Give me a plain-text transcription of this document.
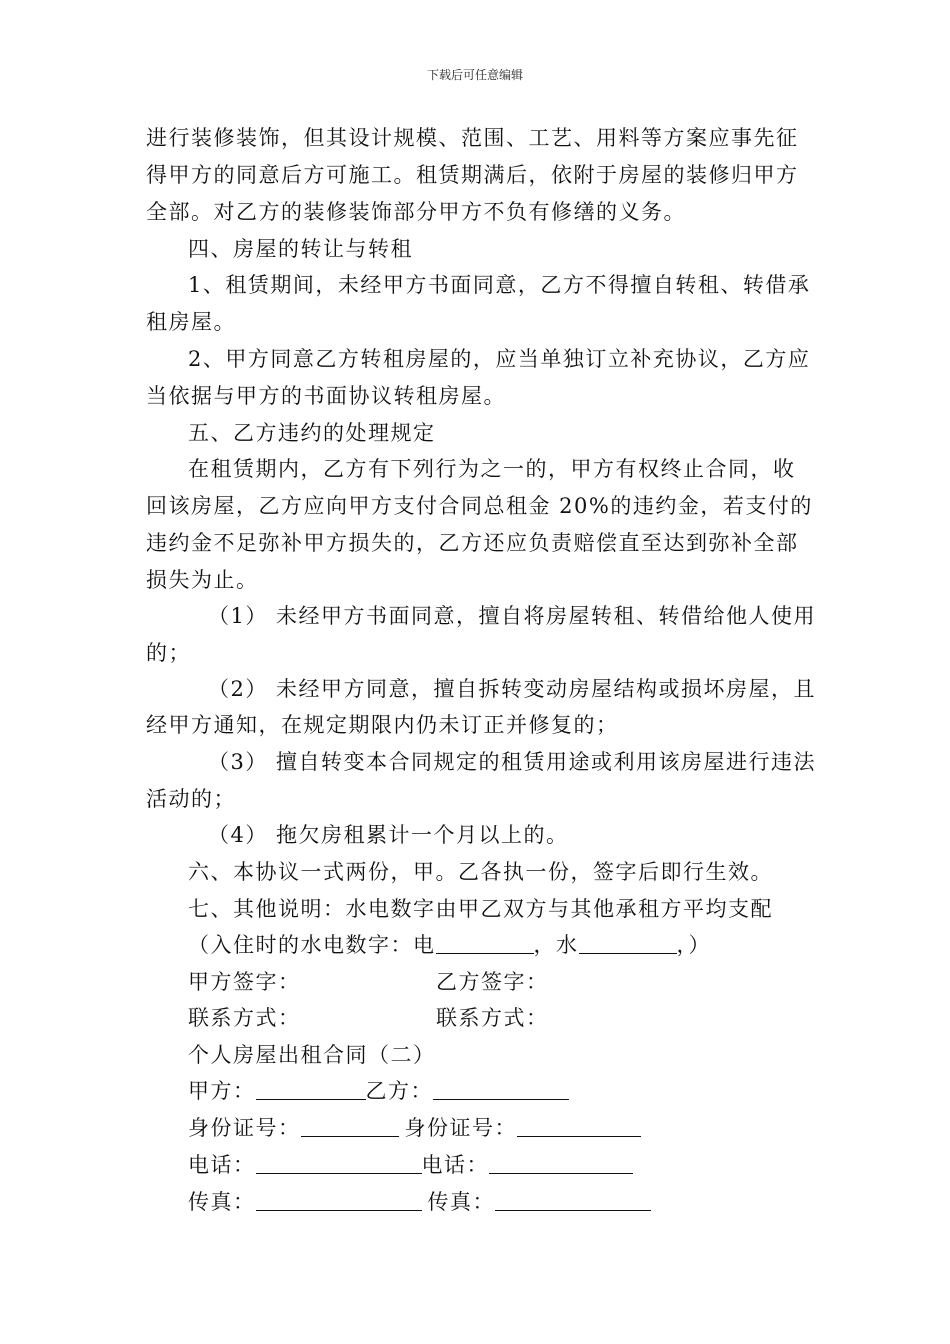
下载后可任意编辑
进行装修装饰，但其设计规模、范围、工艺、用料等方案应事先征
得甲方的同意后方可施工。租赁期满后，依附于房屋的装修归甲方
全部。对乙方的装修装饰部分甲方不负有修缮的义务。
四、房屋的转让与转租
1、租赁期间，未经甲方书面同意，乙方不得擅自转租、转借承
租房屋。
2、甲方同意乙方转租房屋的，应当单独订立补充协议，乙方应
当依据与甲方的书面协议转租房屋。
五、乙方违约的处理规定
在租赁期内，乙方有下列行为之一的，甲方有权终止合同，收
回该房屋，乙方应向甲方支付合同总租金 20%的违约金，若支付的
违约金不足弥补甲方损失的，乙方还应负责赔偿直至达到弥补全部
损失为止。
（1） 未经甲方书面同意，擅自将房屋转租、转借给他人使用
的；
（2） 未经甲方同意，擅自拆转变动房屋结构或损坏房屋，且
经甲方通知，在规定期限内仍未订正并修复的；
（3） 擅自转变本合同规定的租赁用途或利用该房屋进行违法
活动的；
（4） 拖欠房租累计一个月以上的。
六、本协议一式两份，甲。乙各执一份，签字后即行生效。
七、其他说明：水电数字由甲乙双方与其他承租方平均支配
（入住时的水电数字：电	，水	，）
甲方签字：	乙方签字：
联系方式：	联系方式：
个人房屋出租合同（二）
甲方：	乙方：
身份证号：	身份证号：
电话：	电话：
传真：	传真：
